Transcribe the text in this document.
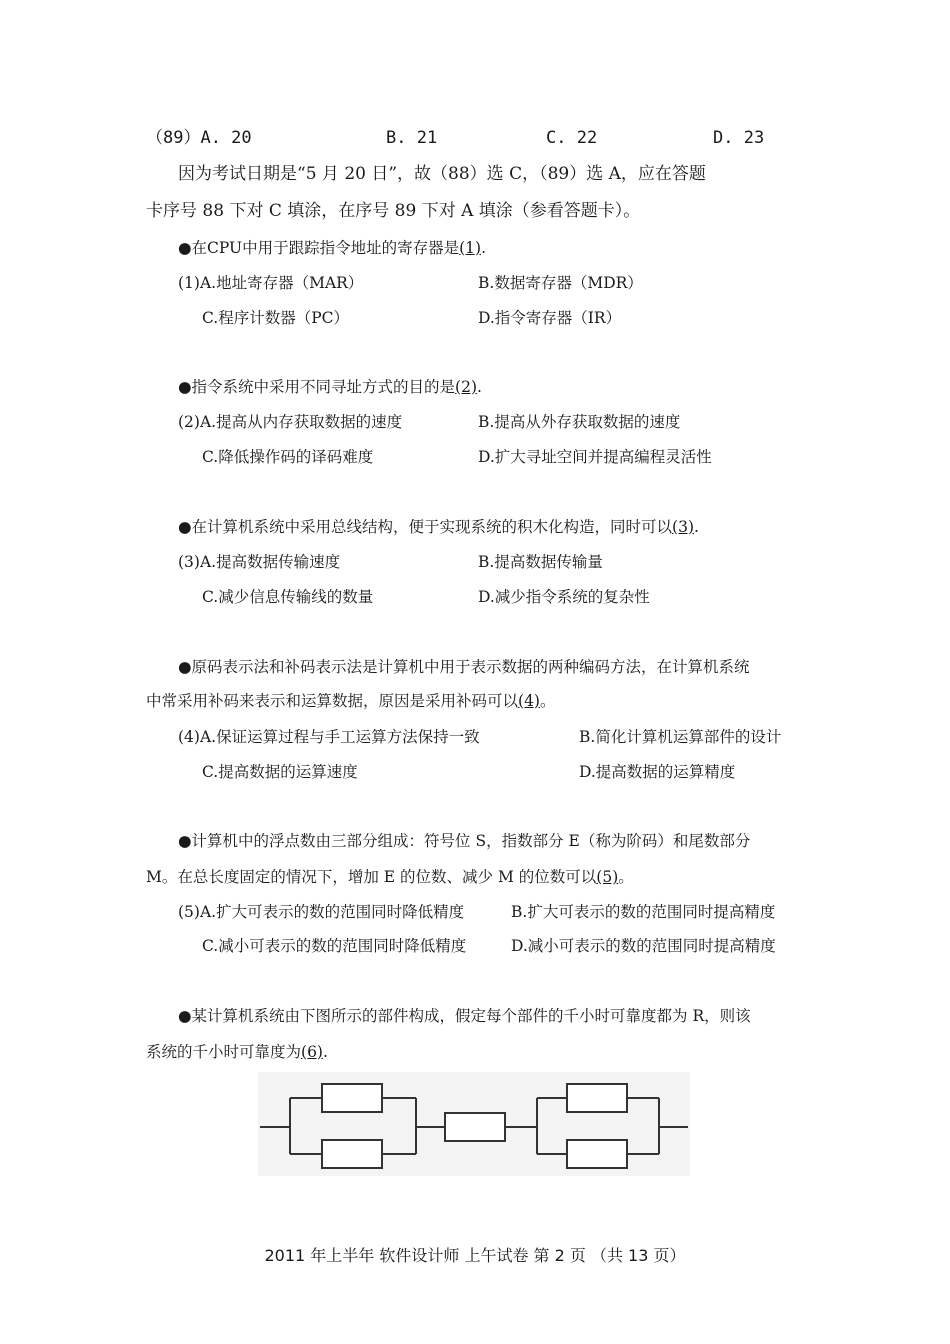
（89）A. 20	B. 21	C. 22	D. 23
因为考试日期是“5 月 20 日”，故（88）选 C，（89）选 A，应在答题
卡序号 88 下对 C 填涂，在序号 89 下对 A 填涂（参看答题卡）。
●在CPU中用于跟踪指令地址的寄存器是(1).
(1)A.地址寄存器（MAR）	B.数据寄存器（MDR）
C.程序计数器（PC）	D.指令寄存器（IR）
●指令系统中采用不同寻址方式的目的是(2).
(2)A.提高从内存获取数据的速度	B.提高从外存获取数据的速度
C.降低操作码的译码难度	D.扩大寻址空间并提高编程灵活性
●在计算机系统中采用总线结构，便于实现系统的积木化构造，同时可以(3).
(3)A.提高数据传输速度	B.提高数据传输量
C.减少信息传输线的数量	D.减少指令系统的复杂性
●原码表示法和补码表示法是计算机中用于表示数据的两种编码方法，在计算机系统
中常采用补码来表示和运算数据，原因是采用补码可以(4)。
(4)A.保证运算过程与手工运算方法保持一致	B.简化计算机运算部件的设计
C.提高数据的运算速度	D.提高数据的运算精度
●计算机中的浮点数由三部分组成：符号位 S，指数部分 E（称为阶码）和尾数部分
M。在总长度固定的情况下，增加 E 的位数、减少 M 的位数可以(5)。
(5)A.扩大可表示的数的范围同时降低精度	B.扩大可表示的数的范围同时提高精度
C.减小可表示的数的范围同时降低精度	D.减小可表示的数的范围同时提高精度
●某计算机系统由下图所示的部件构成，假定每个部件的千小时可靠度都为 R，则该
系统的千小时可靠度为(6).
2011 年上半年 软件设计师 上午试卷 第 2 页 （共 13 页）
